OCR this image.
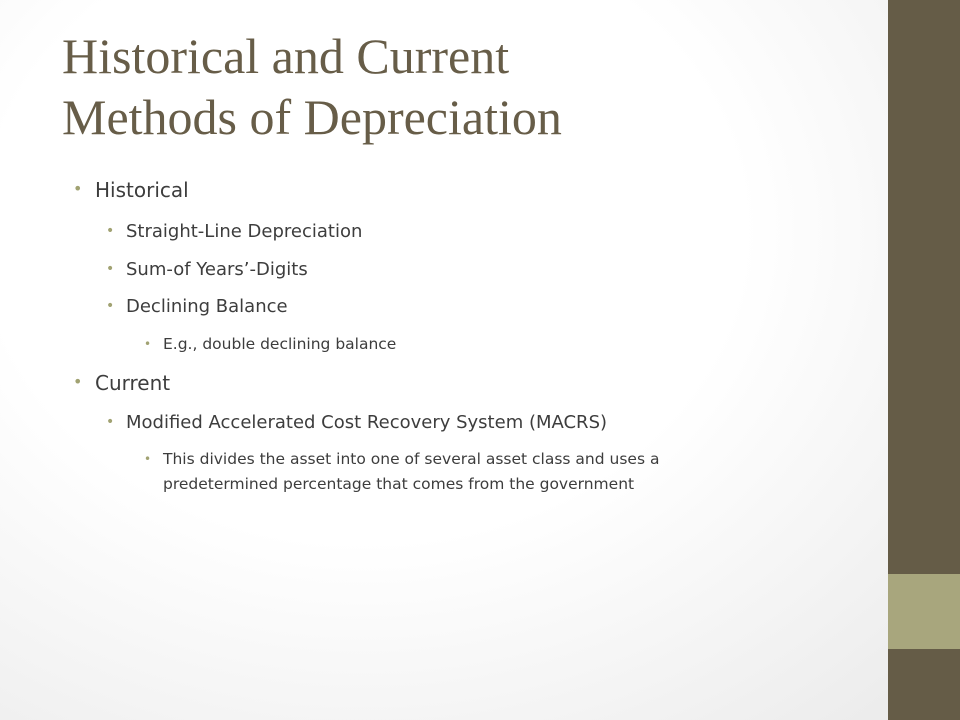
Historical and Current
Methods of Depreciation
• Historical
• Straight-Line Depreciation
• Sum-of Years’-Digits
• Declining Balance
• E.g., double declining balance
• Current
• Modified Accelerated Cost Recovery System (MACRS)
• This divides the asset into one of several asset class and uses a
predetermined percentage that comes from the government
